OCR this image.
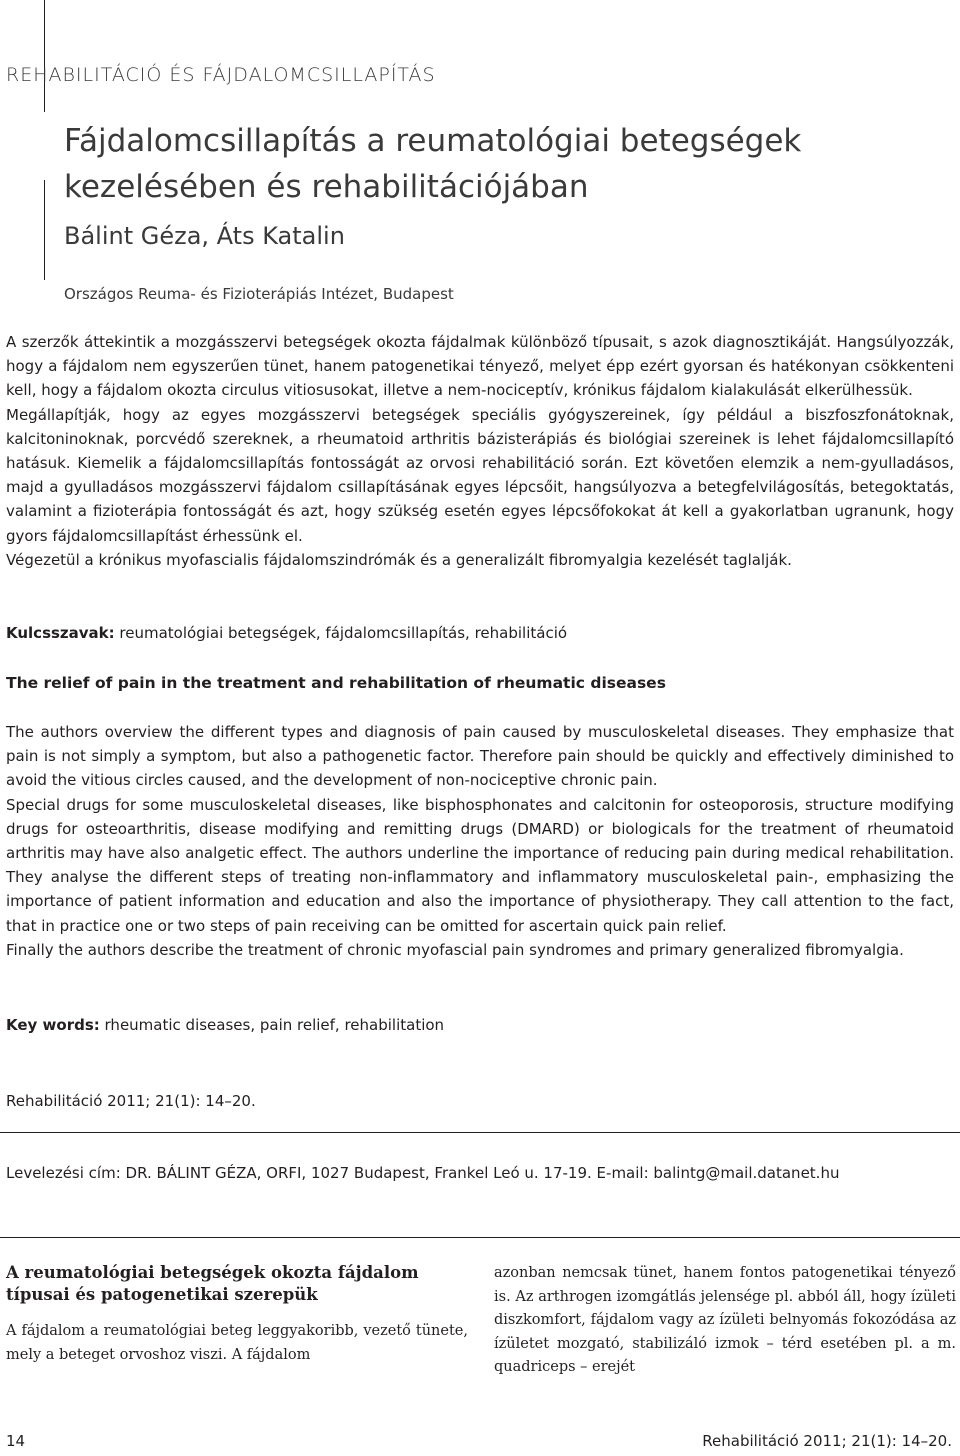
REHABILITÁCIÓ ÉS FÁJDALOMCSILLAPÍTÁS
Fájdalomcsillapítás a reumatológiai betegségek
kezelésében és rehabilitációjában
Bálint Géza, Áts Katalin
Országos Reuma- és Fizioterápiás Intézet, Budapest

A szerzők áttekintik a mozgásszervi betegségek okozta fájdalmak különböző típusait, s azok diagnosztikáját. Hangsúlyozzák, hogy a fájdalom nem egyszerűen tünet, hanem patogenetikai tényező, melyet épp ezért gyorsan és hatékonyan csökkenteni kell, hogy a fájdalom okozta circulus vitiosusokat, illetve a nem-nociceptív, krónikus fájdalom kialakulását elkerülhessük.

Megállapítják, hogy az egyes mozgásszervi betegségek speciális gyógyszereinek, így például a biszfoszfonátoknak, kalcitoninoknak, porcvédő szereknek, a rheumatoid arthritis bázisterápiás és biológiai szereinek is lehet fájdalomcsillapító hatásuk. Kiemelik a fájdalomcsillapítás fontosságát az orvosi rehabilitáció során. Ezt követően elemzik a nem-gyulladásos, majd a gyulladásos mozgásszervi fájdalom csillapításának egyes lépcsőit, hangsúlyozva a betegfelvilágosítás, betegoktatás, valamint a fizioterápia fontosságát és azt, hogy szükség esetén egyes lépcsőfokokat át kell a gyakorlatban ugranunk, hogy gyors fájdalomcsillapítást érhessünk el.

Végezetül a krónikus myofascialis fájdalomszindrómák és a generalizált fibromyalgia kezelését taglalják.

Kulcsszavak: reumatológiai betegségek, fájdalomcsillapítás, rehabilitáció
The relief of pain in the treatment and rehabilitation of rheumatic diseases

The authors overview the different types and diagnosis of pain caused by musculoskeletal diseases. They emphasize that pain is not simply a symptom, but also a pathogenetic factor. Therefore pain should be quickly and effectively diminished to avoid the vitious circles caused, and the development of non-nociceptive chronic pain.

Special drugs for some musculoskeletal diseases, like bisphosphonates and calcitonin for osteoporosis, structure modifying drugs for osteoarthritis, disease modifying and remitting drugs (DMARD) or biologicals for the treatment of rheumatoid arthritis may have also analgetic effect. The authors underline the importance of reducing pain during medical rehabilitation. They analyse the different steps of treating non-inflammatory and inflammatory musculoskeletal pain-, emphasizing the importance of patient information and education and also the importance of physiotherapy. They call attention to the fact, that in practice one or two steps of pain receiving can be omitted for ascertain quick pain relief.

Finally the authors describe the treatment of chronic myofascial pain syndromes and primary generalized fibromyalgia.

Key words: rheumatic diseases, pain relief, rehabilitation
Rehabilitáció 2011; 21(1): 14–20.
Levelezési cím: DR. BÁLINT GÉZA, ORFI, 1027 Budapest, Frankel Leó u. 17-19. E-mail: balintg@mail.datanet.hu
A reumatológiai betegségek okozta fájdalom típusai és patogenetikai szerepük

A fájdalom a reumatológiai beteg leggyakoribb, vezető tünete, mely a beteget orvoshoz viszi. A fájdalom

azonban nemcsak tünet, hanem fontos patogenetikai tényező is. Az arthrogen izomgátlás jelensége pl. abból áll, hogy ízületi diszkomfort, fájdalom vagy az ízületi belnyomás fokozódása az ízületet mozgató, stabilizáló izmok – térd esetében pl. a m. quadriceps – erejét

14	Rehabilitáció 2011; 21(1): 14–20.
